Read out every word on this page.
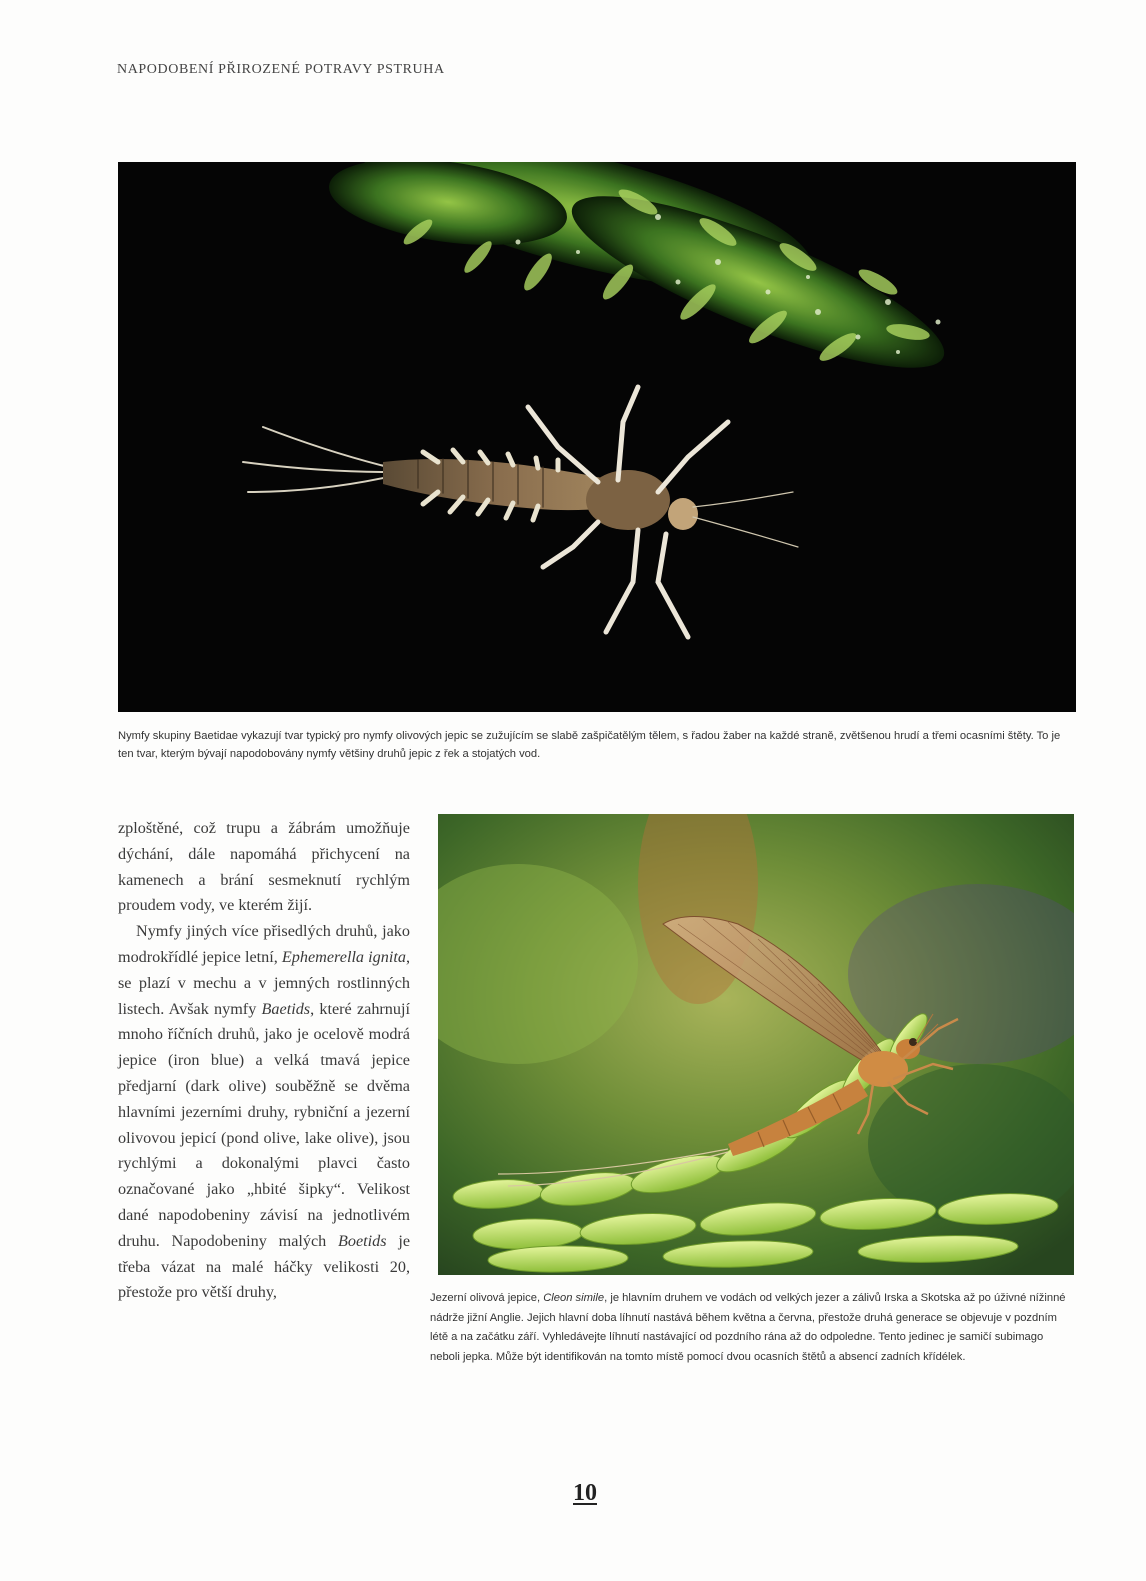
NAPODOBENÍ PŘIROZENÉ POTRAVY PSTRUHA
Nymfy skupiny Baetidae vykazují tvar typický pro nymfy olivových jepic se zužujícím se slabě zašpičatělým tělem, s řadou žaber na každé straně, zvětšenou hrudí a třemi ocasními štěty. To je ten tvar, kterým bývají napodobovány nymfy většiny druhů jepic z řek a stojatých vod.

zploštěné, což trupu a žábrám umožňuje dýchání, dále napomáhá přichycení na kamenech a brání sesmeknutí rychlým proudem vody, ve kterém žijí.

Nymfy jiných více přisedlých druhů, jako modrokřídlé jepice letní, Ephemerella ignita, se plazí v mechu a v jemných rostlinných listech. Avšak nymfy Baetids, které zahrnují mnoho říčních druhů, jako je ocelově modrá jepice (iron blue) a velká tmavá jepice předjarní (dark olive) souběžně se dvěma hlavními jezerními druhy, rybniční a jezerní olivovou jepicí (pond olive, lake olive), jsou rychlými a dokonalými plavci často označované jako „hbité šipky“. Velikost dané napodobeniny závisí na jednotlivém druhu. Napodobeniny malých Boetids je třeba vázat na malé háčky velikosti 20, přestože pro větší druhy,	Jezerní olivová jepice, Cleon simile, je hlavním druhem ve vodách od velkých jezer a zálivů Irska a Skotska až po úživné nížinné nádrže jižní Anglie. Jejich hlavní doba líhnutí nastává během května a června, přestože druhá generace se objevuje v pozdním létě a na začátku září. Vyhledávejte líhnutí nastávající od pozdního rána až do odpoledne. Tento jedinec je samičí subimago neboli jepka. Může být identifikován na tomto místě pomocí dvou ocasních štětů a absencí zadních křídélek.
10
